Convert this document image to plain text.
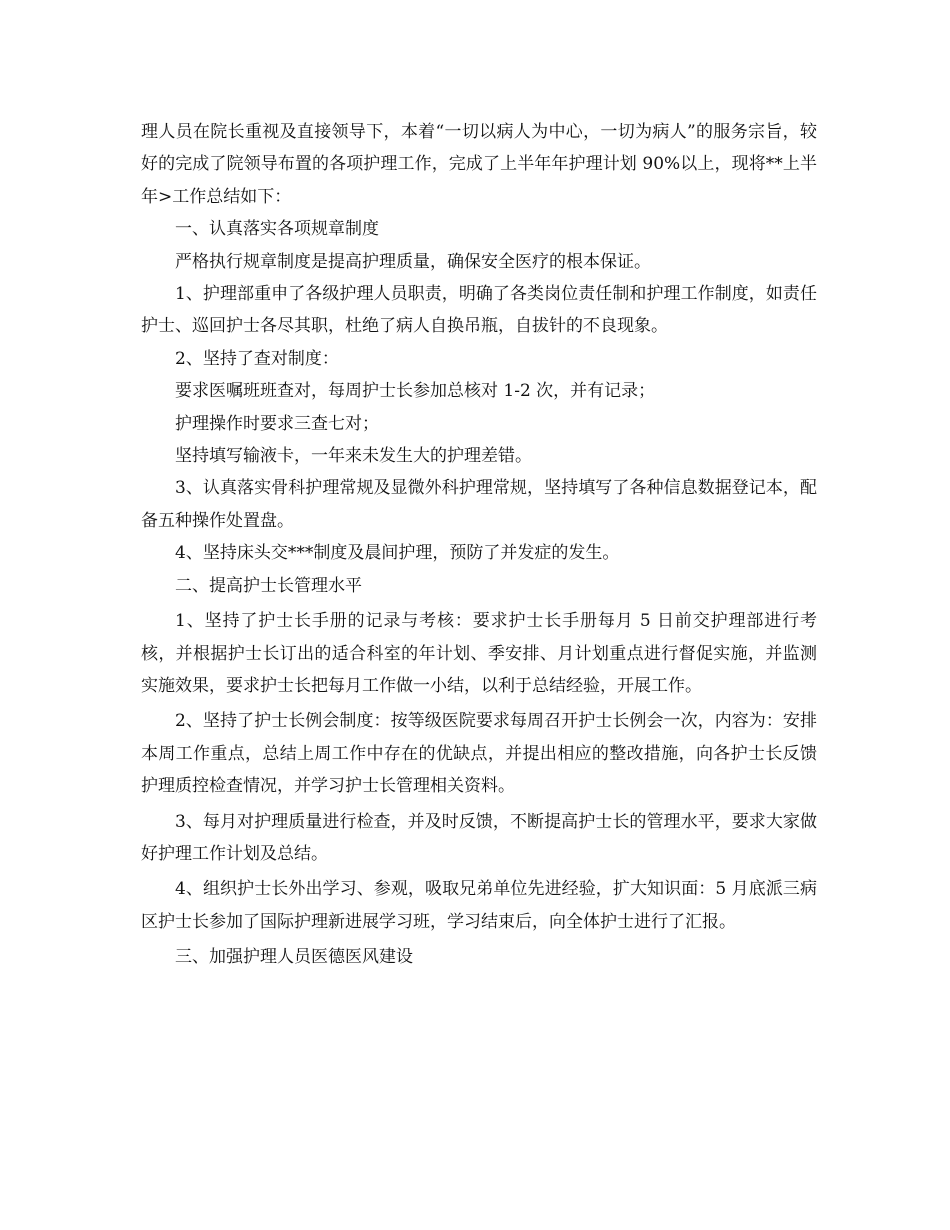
理人员在院长重视及直接领导下，本着“一切以病人为中心，一切为病人”的服务宗旨，较好的完成了院领导布置的各项护理工作，完成了上半年年护理计划 90%以上，现将**上半年>工作总结如下：

一、认真落实各项规章制度

严格执行规章制度是提高护理质量，确保安全医疗的根本保证。

1、护理部重申了各级护理人员职责，明确了各类岗位责任制和护理工作制度，如责任护士、巡回护士各尽其职，杜绝了病人自换吊瓶，自拔针的不良现象。

2、坚持了查对制度：

要求医嘱班班查对，每周护士长参加总核对 1-2 次，并有记录；

护理操作时要求三查七对；

坚持填写输液卡，一年来未发生大的护理差错。

3、认真落实骨科护理常规及显微外科护理常规，坚持填写了各种信息数据登记本，配备五种操作处置盘。

4、坚持床头交***制度及晨间护理，预防了并发症的发生。

二、提高护士长管理水平

1、坚持了护士长手册的记录与考核：要求护士长手册每月 5 日前交护理部进行考核，并根据护士长订出的适合科室的年计划、季安排、月计划重点进行督促实施，并监测实施效果，要求护士长把每月工作做一小结，以利于总结经验，开展工作。

2、坚持了护士长例会制度：按等级医院要求每周召开护士长例会一次，内容为：安排本周工作重点，总结上周工作中存在的优缺点，并提出相应的整改措施，向各护士长反馈护理质控检查情况，并学习护士长管理相关资料。

3、每月对护理质量进行检查，并及时反馈，不断提高护士长的管理水平，要求大家做好护理工作计划及总结。

4、组织护士长外出学习、参观，吸取兄弟单位先进经验，扩大知识面：5 月底派三病区护士长参加了国际护理新进展学习班，学习结束后，向全体护士进行了汇报。

三、加强护理人员医德医风建设
